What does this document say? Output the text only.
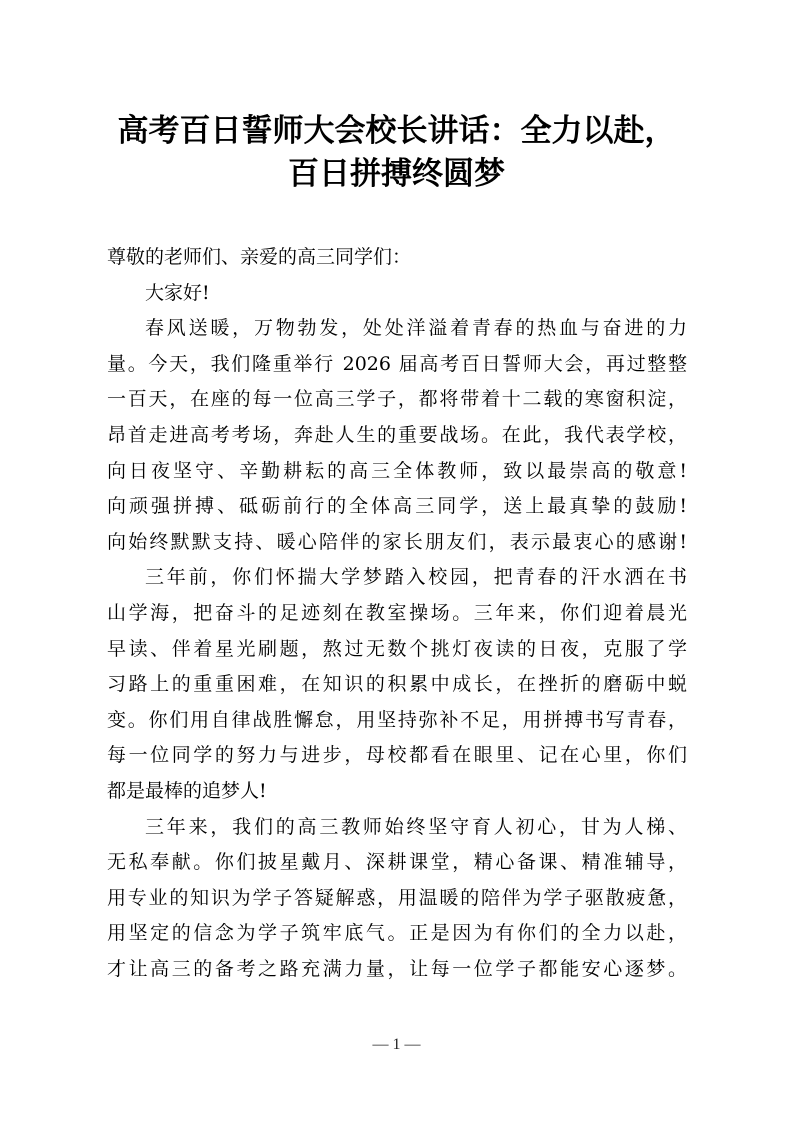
高考百日誓师大会校长讲话：全力以赴，
百日拼搏终圆梦

尊敬的老师们、亲爱的高三同学们：

大家好!

春风送暖，万物勃发，处处洋溢着青春的热血与奋进的力
量。今天，我们隆重举行 2026 届高考百日誓师大会，再过整整
一百天，在座的每一位高三学子，都将带着十二载的寒窗积淀，
昂首走进高考考场，奔赴人生的重要战场。在此，我代表学校，
向日夜坚守、辛勤耕耘的高三全体教师，致以最崇高的敬意!
向顽强拼搏、砥砺前行的全体高三同学，送上最真挚的鼓励!
向始终默默支持、暖心陪伴的家长朋友们，表示最衷心的感谢!

三年前，你们怀揣大学梦踏入校园，把青春的汗水洒在书
山学海，把奋斗的足迹刻在教室操场。三年来，你们迎着晨光
早读、伴着星光刷题，熬过无数个挑灯夜读的日夜，克服了学
习路上的重重困难，在知识的积累中成长，在挫折的磨砺中蜕
变。你们用自律战胜懈怠，用坚持弥补不足，用拼搏书写青春，
每一位同学的努力与进步，母校都看在眼里、记在心里，你们
都是最棒的追梦人!

三年来，我们的高三教师始终坚守育人初心，甘为人梯、
无私奉献。你们披星戴月、深耕课堂，精心备课、精准辅导，
用专业的知识为学子答疑解惑，用温暖的陪伴为学子驱散疲惫，
用坚定的信念为学子筑牢底气。正是因为有你们的全力以赴，
才让高三的备考之路充满力量，让每一位学子都能安心逐梦。

— 1 —
